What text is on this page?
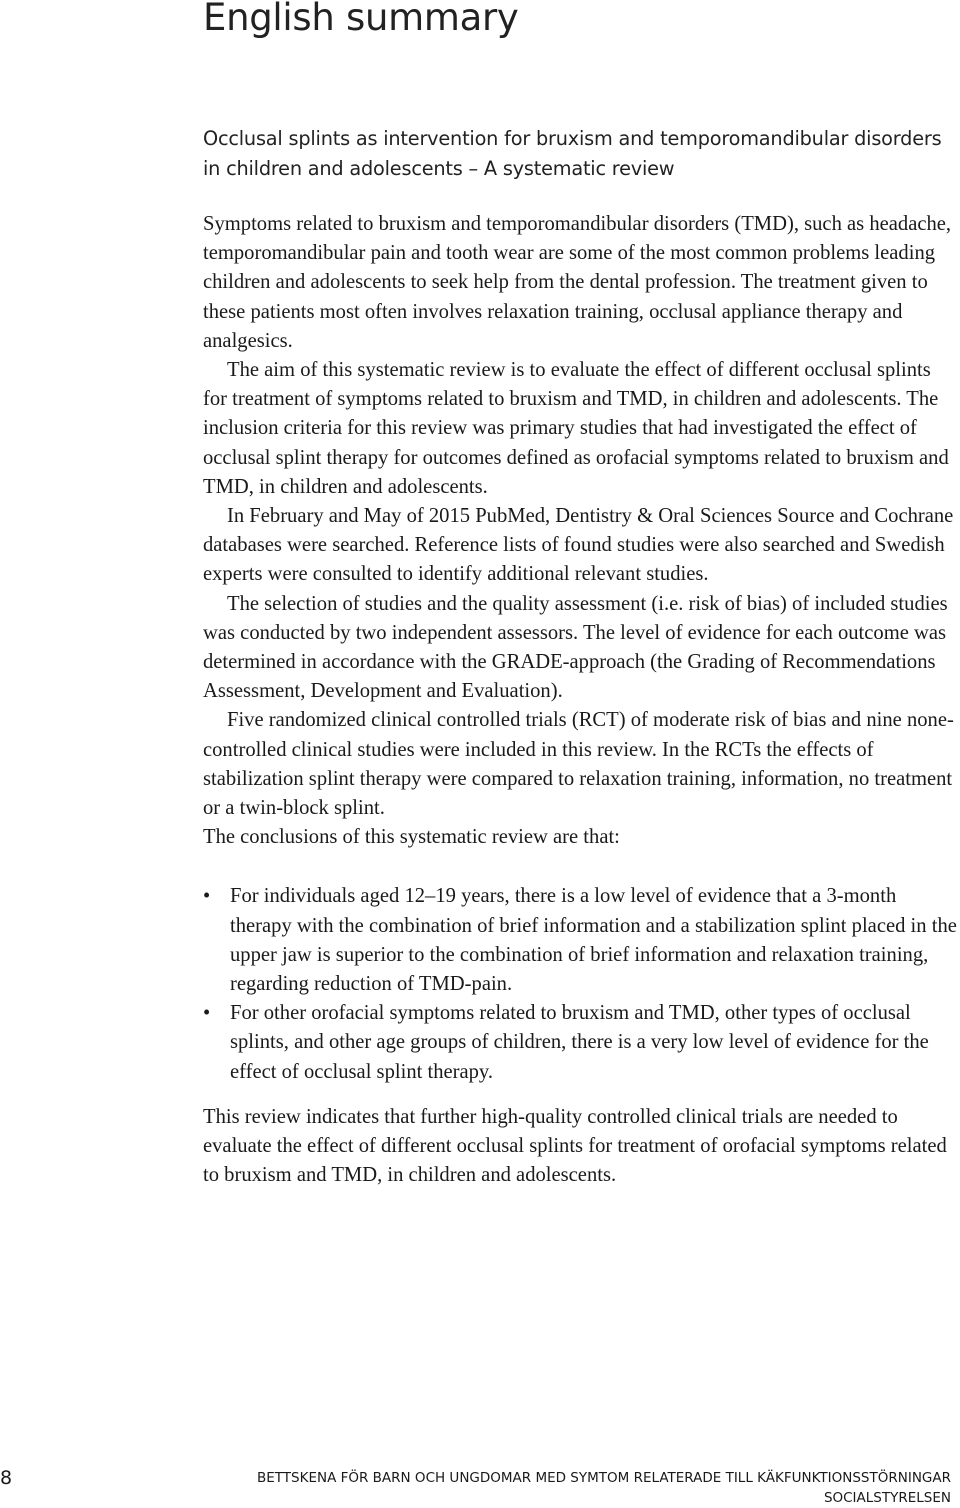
English summary

Occlusal splints as intervention for bruxism and temporomandibular disorders in children and adolescents – A systematic review

Symptoms related to bruxism and temporomandibular disorders (TMD), such as headache, temporomandibular pain and tooth wear are some of the most common problems leading children and adolescents to seek help from the dental profession. The treatment given to these patients most often involves relaxation training, occlusal appliance therapy and analgesics.

The aim of this systematic review is to evaluate the effect of different occlusal splints for treatment of symptoms related to bruxism and TMD, in children and adolescents. The inclusion criteria for this review was primary studies that had investigated the effect of occlusal splint therapy for outcomes defined as orofacial symptoms related to bruxism and TMD, in children and adolescents.

In February and May of 2015 PubMed, Dentistry & Oral Sciences Source and Cochrane databases were searched. Reference lists of found studies were also searched and Swedish experts were consulted to identify additional relevant studies.

The selection of studies and the quality assessment (i.e. risk of bias) of included studies was conducted by two independent assessors. The level of evidence for each outcome was determined in accordance with the GRADE-approach (the Grading of Recommendations Assessment, Development and Evaluation).

Five randomized clinical controlled trials (RCT) of moderate risk of bias and nine none-controlled clinical studies were included in this review. In the RCTs the effects of stabilization splint therapy were compared to relaxation training, information, no treatment or a twin-block splint.

The conclusions of this systematic review are that:

• For individuals aged 12–19 years, there is a low level of evidence that a 3-month therapy with the combination of brief information and a stabilization splint placed in the upper jaw is superior to the combination of brief information and relaxation training, regarding reduction of TMD-pain.
• For other orofacial symptoms related to bruxism and TMD, other types of occlusal splints, and other age groups of children, there is a very low level of evidence for the effect of occlusal splint therapy.

This review indicates that further high-quality controlled clinical trials are needed to evaluate the effect of different occlusal splints for treatment of orofacial symptoms related to bruxism and TMD, in children and adolescents.

8	BETTSKENA FÖR BARN OCH UNGDOMAR MED SYMTOM RELATERADE TILL KÄKFUNKTIONSSTÖRNINGAR
SOCIALSTYRELSEN
